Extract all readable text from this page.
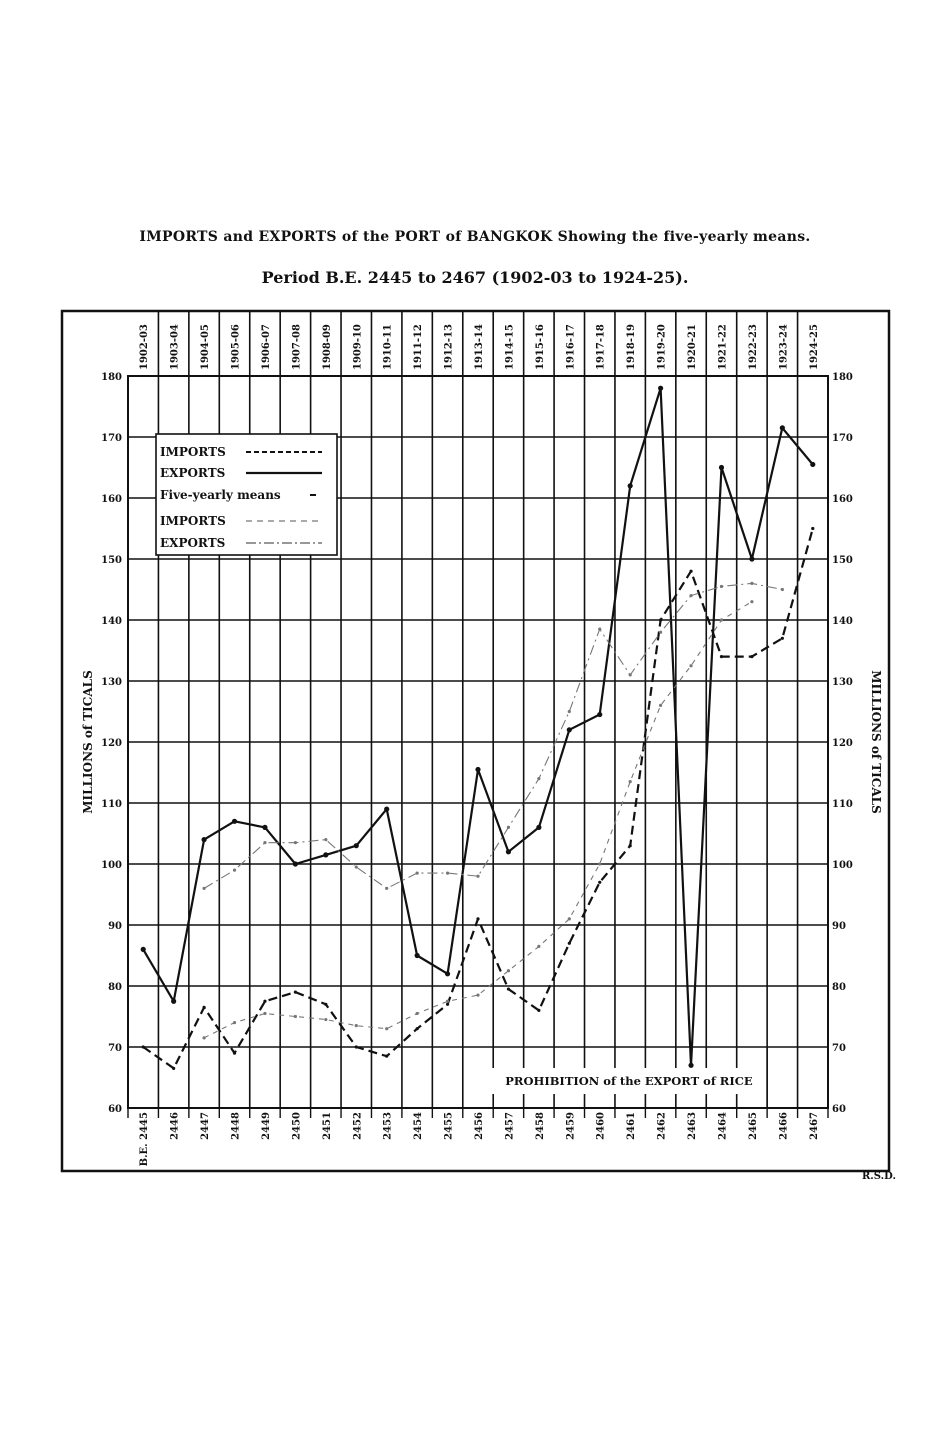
IMPORTS and EXPORTS of the PORT of BANGKOK Showing the five-yearly means.
Period B.E. 2445 to 2467 (1902-03 to 1924-25).
60	60
70	70
80	80
90	90
100	100
110	110
120	120
130	130
140	140
150	150
160	160
170	170
180	180
1902-03 1903-04 1904-05 1905-06 1906-07 1907-08 1908-09 1909-10 1910-11 1911-12 1912-13 1913-14 1914-15 1915-16 1916-17 1917-18 1918-19 1919-20 1920-21 1921-22 1922-23 1923-24 1924-25
B.E. 2445 2446 2447 2448 2449 2450 2451 2452 2453 2454 2455 2456 2457 2458 2459 2460 2461 2462 2463 2464 2465 2466 2467
MILLIONS of TICALS	MILLIONS of TICALS
PROHIBITION of the EXPORT of RICE
IMPORTS
EXPORTS
Five-yearly means
IMPORTS
EXPORTS
R.S.D.
